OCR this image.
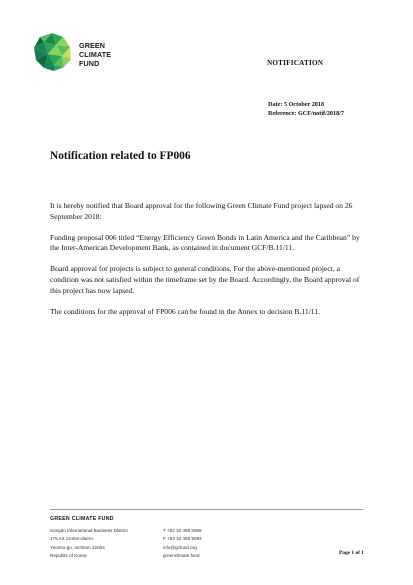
GREEN
CLIMATE
FUND	NOTIFICATION
Date: 5 October 2018
Reference: GCF/notif/2018/7
Notification related to FP006

It is hereby notified that Board approval for the following Green Climate Fund project lapsed on 26 September 2018:

Funding proposal 006 titled “Energy Efficiency Green Bonds in Latin America and the Caribbean” by the Inter-American Development Bank, as contained in document GCF/B.11/11.

Board approval for projects is subject to general conditions. For the above-mentioned project, a condition was not satisfied within the timeframe set by the Board. Accordingly, the Board approval of this project has now lapsed.

The conditions for the approval of FP006 can be found in the Annex to decision B.11/11.

GREEN CLIMATE FUND
Songdo International Business District
175 Art Center-daero
Yeonsu-gu, Incheon 22004
Republic of Korea
T +82 32 458 6059
F +82 32 458 6094
info@gcfund.org
greenclimate.fund	Page 1 of 1
